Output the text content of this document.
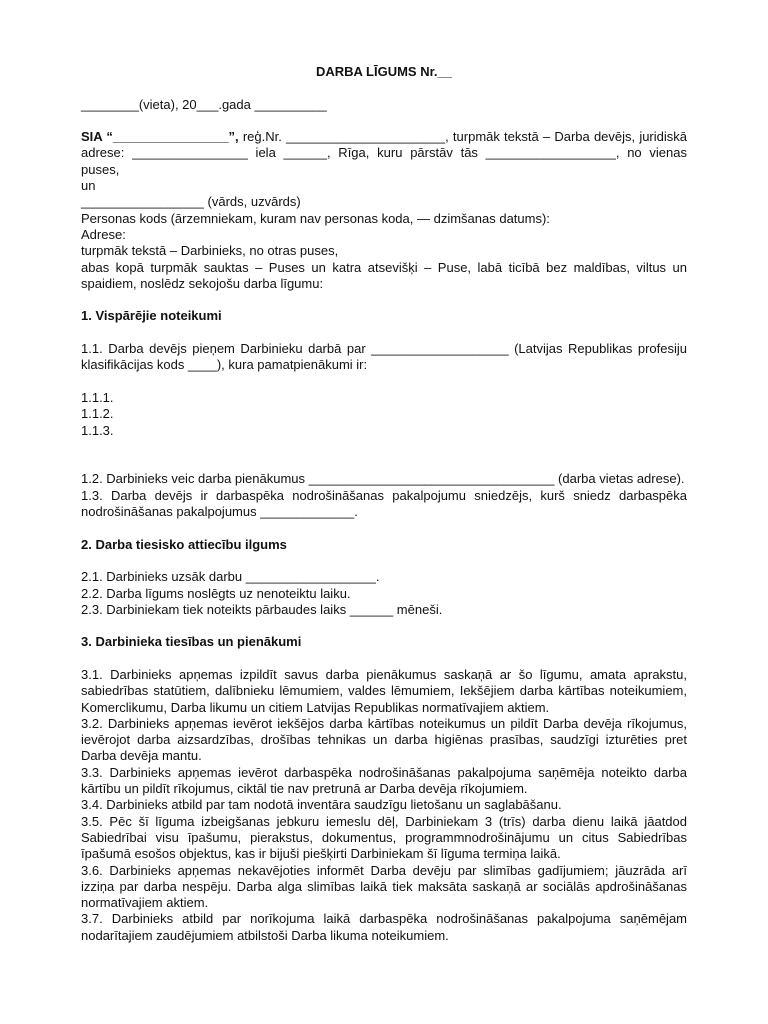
DARBA LĪGUMS Nr.__

________(vieta), 20___.gada __________

SIA “________________”, reģ.Nr. ______________________, turpmāk tekstā – Darba devējs, juridiskā adrese: ________________ iela ______, Rīga, kuru pārstāv tās __________________, no vienas puses,

un

_________________ (vārds, uzvārds)

Personas kods (ārzemniekam, kuram nav personas koda, — dzimšanas datums):

Adrese:

turpmāk tekstā – Darbinieks, no otras puses,

abas kopā turpmāk sauktas – Puses un katra atsevišķi – Puse, labā ticībā bez maldības, viltus un spaidiem, noslēdz sekojošu darba līgumu:

1. Vispārējie noteikumi

1.1. Darba devējs pieņem Darbinieku darbā par ___________________ (Latvijas Republikas profesiju klasifikācijas kods ____), kura pamatpienākumi ir:

1.1.1.

1.1.2.

1.1.3.

1.2. Darbinieks veic darba pienākumus __________________________________ (darba vietas adrese).

1.3. Darba devējs ir darbaspēka nodrošināšanas pakalpojumu sniedzējs, kurš sniedz darbaspēka nodrošināšanas pakalpojumus _____________.

2. Darba tiesisko attiecību ilgums

2.1. Darbinieks uzsāk darbu __________________.

2.2. Darba līgums noslēgts uz nenoteiktu laiku.

2.3. Darbiniekam tiek noteikts pārbaudes laiks ______ mēneši.

3. Darbinieka tiesības un pienākumi

3.1. Darbinieks apņemas izpildīt savus darba pienākumus saskaņā ar šo līgumu, amata aprakstu, sabiedrības statūtiem, dalībnieku lēmumiem, valdes lēmumiem, Iekšējiem darba kārtības noteikumiem, Komerclikumu, Darba likumu un citiem Latvijas Republikas normatīvajiem aktiem.

3.2. Darbinieks apņemas ievērot iekšējos darba kārtības noteikumus un pildīt Darba devēja rīkojumus, ievērojot darba aizsardzības, drošības tehnikas un darba higiēnas prasības, saudzīgi izturēties pret Darba devēja mantu.

3.3. Darbinieks apņemas ievērot darbaspēka nodrošināšanas pakalpojuma saņēmēja noteikto darba kārtību un pildīt rīkojumus, ciktāl tie nav pretrunā ar Darba devēja rīkojumiem.

3.4. Darbinieks atbild par tam nodotā inventāra saudzīgu lietošanu un saglabāšanu.

3.5. Pēc šī līguma izbeigšanas jebkuru iemeslu dēļ, Darbiniekam 3 (trīs) darba dienu laikā jāatdod Sabiedrībai visu īpašumu, pierakstus, dokumentus, programmnodrošinājumu un citus Sabiedrības īpašumā esošos objektus, kas ir bijuši piešķirti Darbiniekam šī līguma termiņa laikā.

3.6. Darbinieks apņemas nekavējoties informēt Darba devēju par slimības gadījumiem; jāuzrāda arī izziņa par darba nespēju. Darba alga slimības laikā tiek maksāta saskaņā ar sociālās apdrošināšanas normatīvajiem aktiem.

3.7. Darbinieks atbild par norīkojuma laikā darbaspēka nodrošināšanas pakalpojuma saņēmējam nodarītajiem zaudējumiem atbilstoši Darba likuma noteikumiem.
